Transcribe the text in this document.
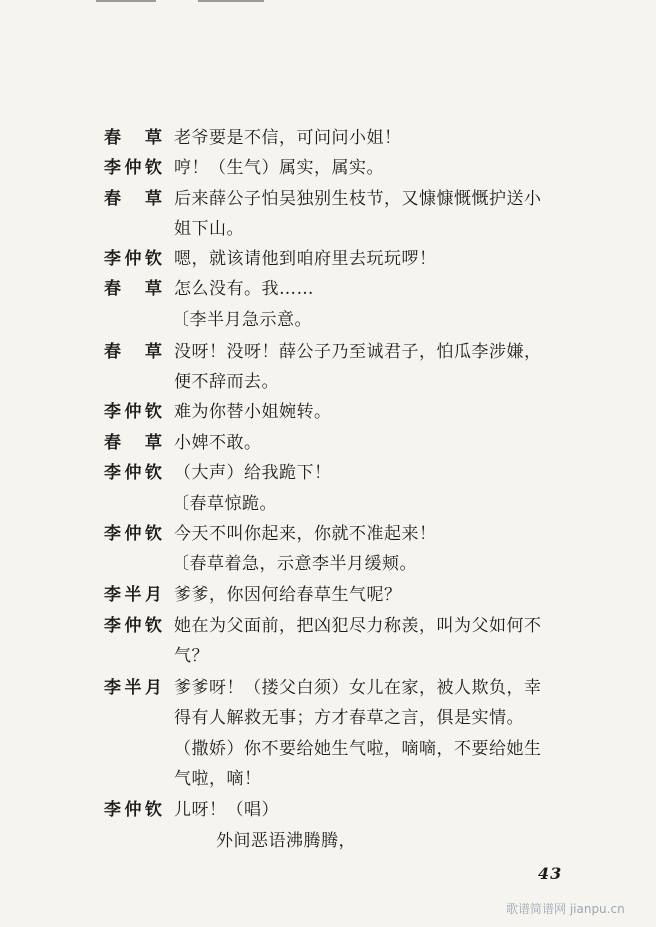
春　草 老爷要是不信，可问问小姐！
李仲钦 哼！（生气）属实，属实。
春　草 后来薛公子怕吴独别生枝节，又慷慷慨慨护送小
姐下山。
李仲钦 嗯，就该请他到咱府里去玩玩啰！
春　草 怎么没有。我……
〔李半月急示意。
春　草 没呀！没呀！薛公子乃至诚君子，怕瓜李涉嫌，
便不辞而去。
李仲钦 难为你替小姐婉转。
春　草 小婢不敢。
李仲钦 （大声）给我跪下！
〔春草惊跪。
李仲钦 今天不叫你起来，你就不准起来！
〔春草着急，示意李半月缓颊。
李半月 爹爹，你因何给春草生气呢？
李仲钦 她在为父面前，把凶犯尽力称羡，叫为父如何不
气？
李半月 爹爹呀！（搂父白须）女儿在家，被人欺负，幸
得有人解救无事；方才春草之言，俱是实情。
（撒娇）你不要给她生气啦，嘀嘀，不要给她生
气啦，嘀！
李仲钦 儿呀！（唱）
外间恶语沸腾腾，
43
歌谱简谱网 jianpu.cn
